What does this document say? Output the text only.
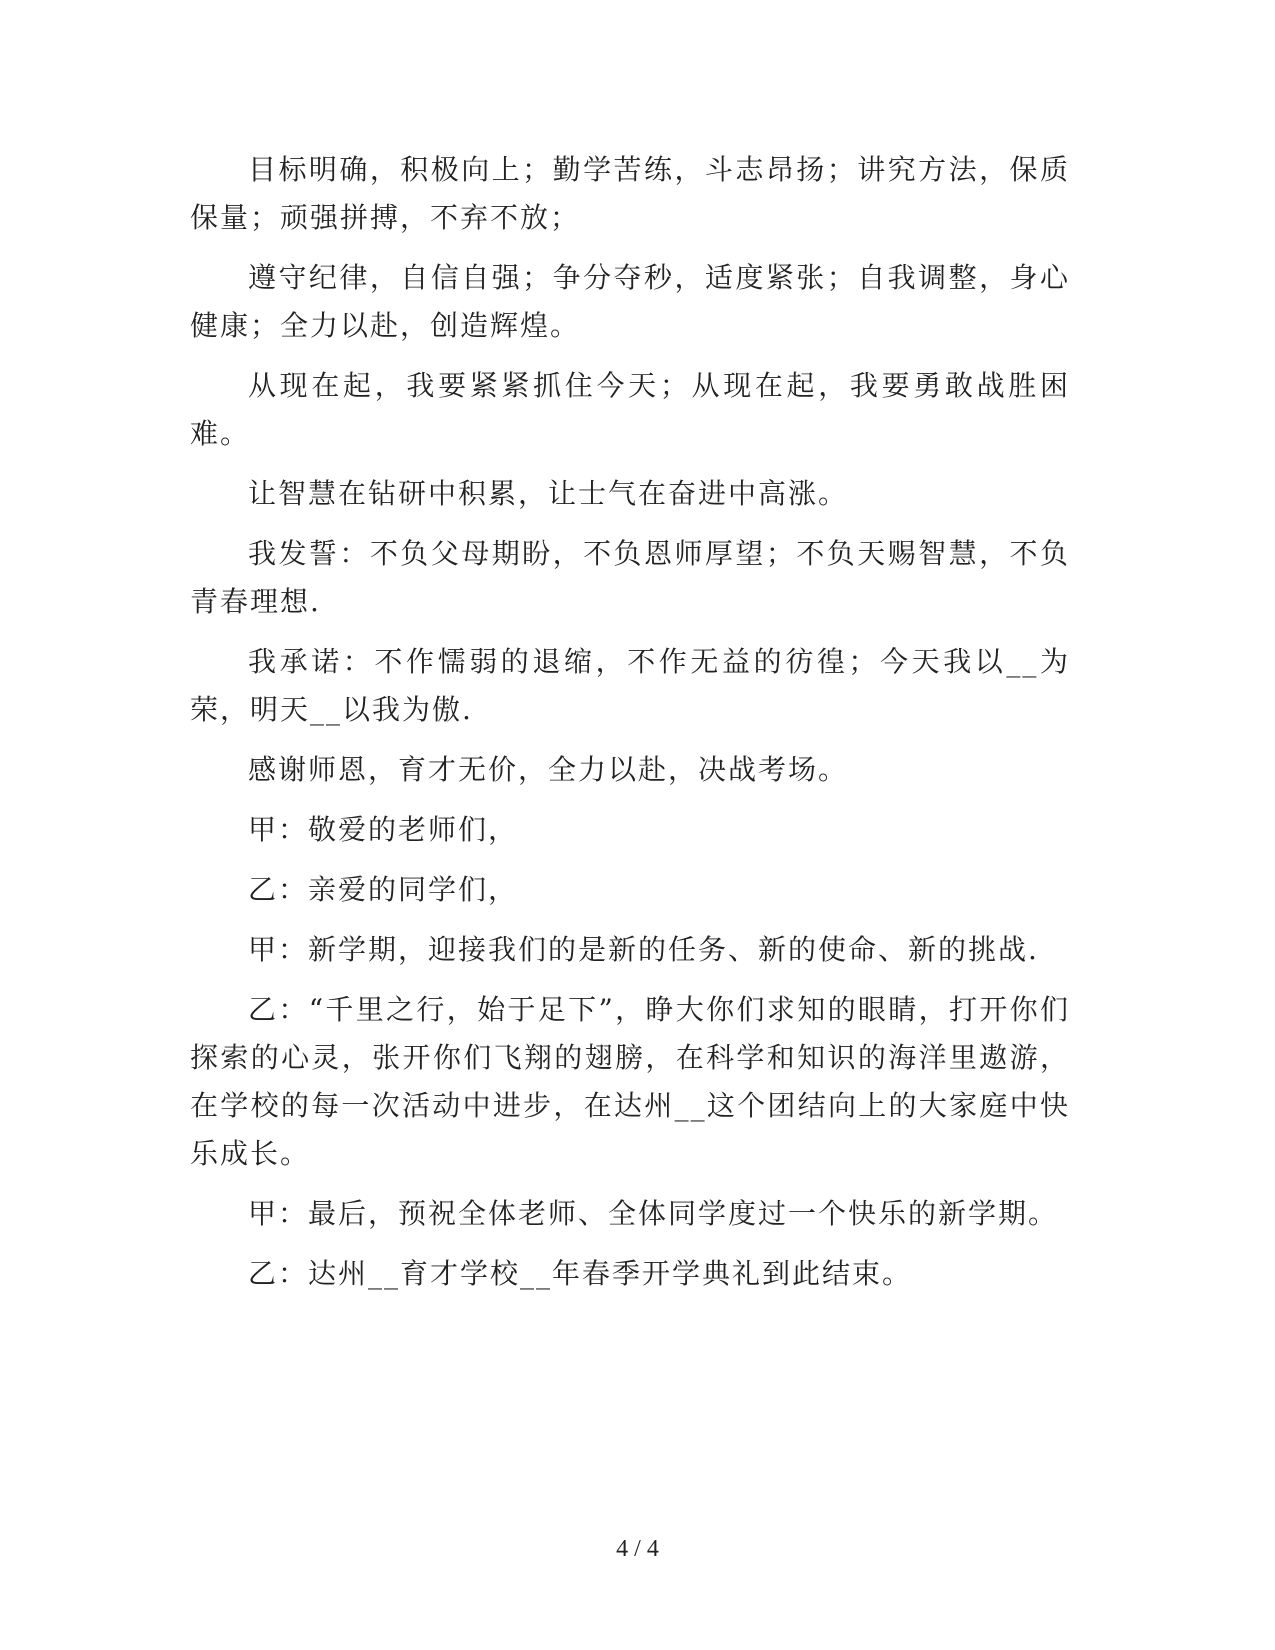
目标明确，积极向上；勤学苦练，斗志昂扬；讲究方法，保质保量；顽强拼搏，不弃不放；

遵守纪律，自信自强；争分夺秒，适度紧张；自我调整，身心健康；全力以赴，创造辉煌。

从现在起，我要紧紧抓住今天；从现在起，我要勇敢战胜困难。

让智慧在钻研中积累，让士气在奋进中高涨。

我发誓：不负父母期盼，不负恩师厚望；不负天赐智慧，不负青春理想.

我承诺：不作懦弱的退缩，不作无益的彷徨；今天我以__为荣，明天__以我为傲.

感谢师恩，育才无价，全力以赴，决战考场。

甲：敬爱的老师们，

乙：亲爱的同学们，

甲：新学期，迎接我们的是新的任务、新的使命、新的挑战.

乙：“千里之行，始于足下”，睁大你们求知的眼睛，打开你们探索的心灵，张开你们飞翔的翅膀，在科学和知识的海洋里遨游，在学校的每一次活动中进步，在达州__这个团结向上的大家庭中快乐成长。

甲：最后，预祝全体老师、全体同学度过一个快乐的新学期。

乙：达州__育才学校__年春季开学典礼到此结束。

4 / 4
